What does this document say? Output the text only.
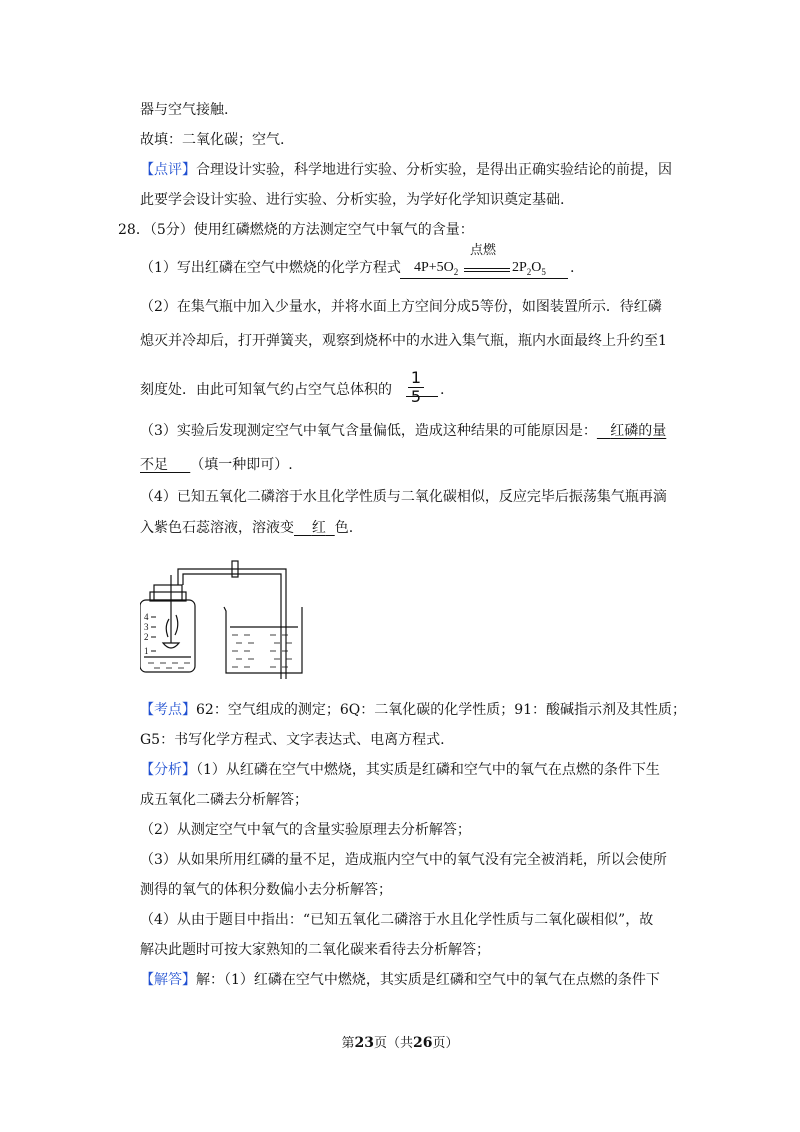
器与空气接触.
故填：二氧化碳；空气.
【点评】合理设计实验，科学地进行实验、分析实验，是得出正确实验结论的前提，因
此要学会设计实验、进行实验、分析实验，为学好化学知识奠定基础.
28．（5分）使用红磷燃烧的方法测定空气中氧气的含量：
（1）写出红磷在空气中燃烧的化学方程式 $4P+5O_2$
点燃
$2P_2O_5$ .
（2）在集气瓶中加入少量水，并将水面上方空间分成5等份，如图装置所示．待红磷
熄灭并冷却后，打开弹簧夹，观察到烧杯中的水进入集气瓶，瓶内水面最终上升约至1
刻度处．由此可知氧气约占空气总体积的
1
5 .
（3）实验后发现测定空气中氧气含量偏低，造成这种结果的可能原因是： 红磷的量
不足 （填一种即可）.
（4）已知五氧化二磷溶于水且化学性质与二氧化碳相似，反应完毕后振荡集气瓶再滴
入紫色石蕊溶液，溶液变 红 色.
1
2
3
4
【考点】62：空气组成的测定；6Q：二氧化碳的化学性质；91：酸碱指示剂及其性质；
G5：书写化学方程式、文字表达式、电离方程式.
【分析】（1）从红磷在空气中燃烧，其实质是红磷和空气中的氧气在点燃的条件下生
成五氧化二磷去分析解答；
（2）从测定空气中氧气的含量实验原理去分析解答；
（3）从如果所用红磷的量不足，造成瓶内空气中的氧气没有完全被消耗，所以会使所
测得的氧气的体积分数偏小去分析解答；
（4）从由于题目中指出：“已知五氧化二磷溶于水且化学性质与二氧化碳相似”，故
解决此题时可按大家熟知的二氧化碳来看待去分析解答；
【解答】解：（1）红磷在空气中燃烧，其实质是红磷和空气中的氧气在点燃的条件下
第23页（共26页）
